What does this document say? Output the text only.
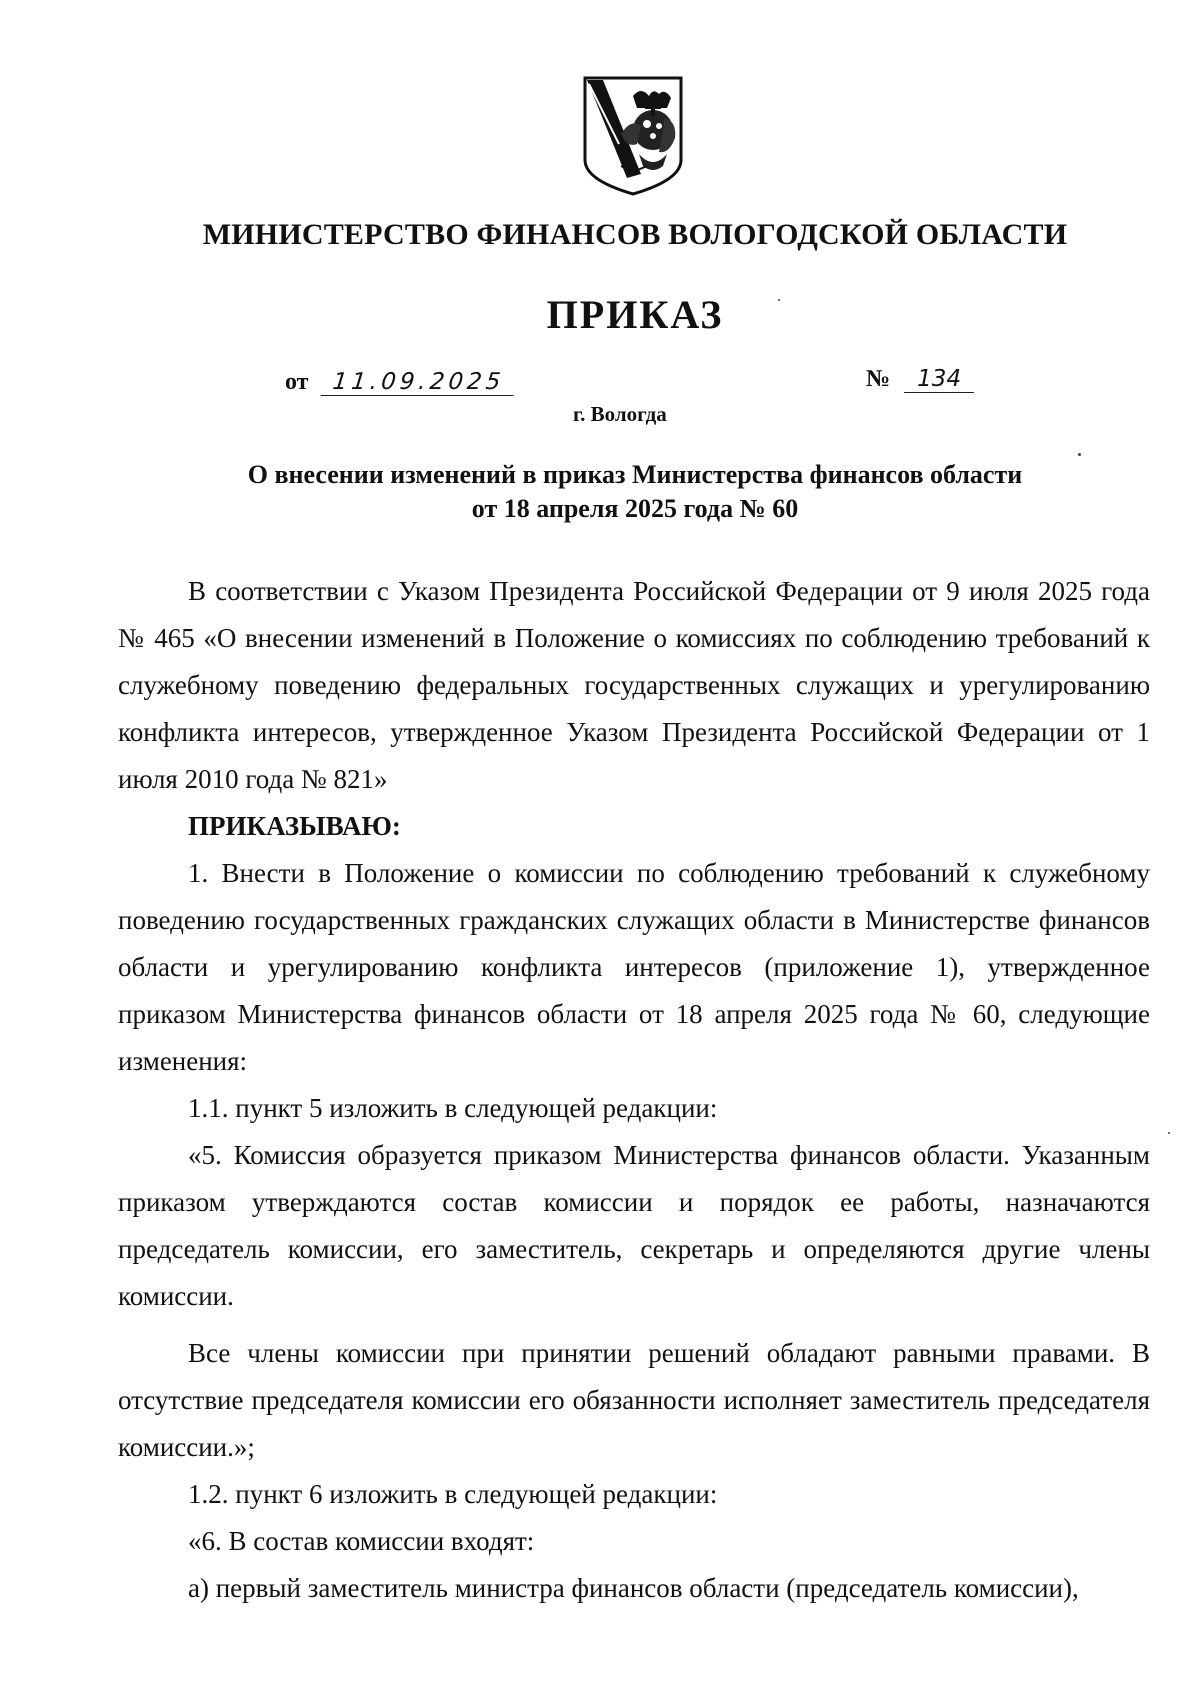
МИНИСТЕРСТВО ФИНАНСОВ ВОЛОГОДСКОЙ ОБЛАСТИ
ПРИКАЗ
от 11.09.2025	№ 134
г. Вологда
О внесении изменений в приказ Министерства финансов области
от 18 апреля 2025 года № 60

В соответствии с Указом Президента Российской Федерации от 9 июля 2025 года № 465 «О внесении изменений в Положение о комиссиях по соблюдению требований к служебному поведению федеральных государственных служащих и урегулированию конфликта интересов, утвержденное Указом Президента Российской Федерации от 1 июля 2010 года № 821»

ПРИКАЗЫВАЮ:

1. Внести в Положение о комиссии по соблюдению требований к служебному поведению государственных гражданских служащих области в Министерстве финансов области и урегулированию конфликта интересов (приложение 1), утвержденное приказом Министерства финансов области от 18 апреля 2025 года № 60, следующие изменения:

1.1. пункт 5 изложить в следующей редакции:

«5. Комиссия образуется приказом Министерства финансов области. Указанным приказом утверждаются состав комиссии и порядок ее работы, назначаются председатель комиссии, его заместитель, секретарь и определяются другие члены комиссии.

Все члены комиссии при принятии решений обладают равными правами. В отсутствие председателя комиссии его обязанности исполняет заместитель председателя комиссии.»;

1.2. пункт 6 изложить в следующей редакции:

«6. В состав комиссии входят:

а) первый заместитель министра финансов области (председатель комиссии),
